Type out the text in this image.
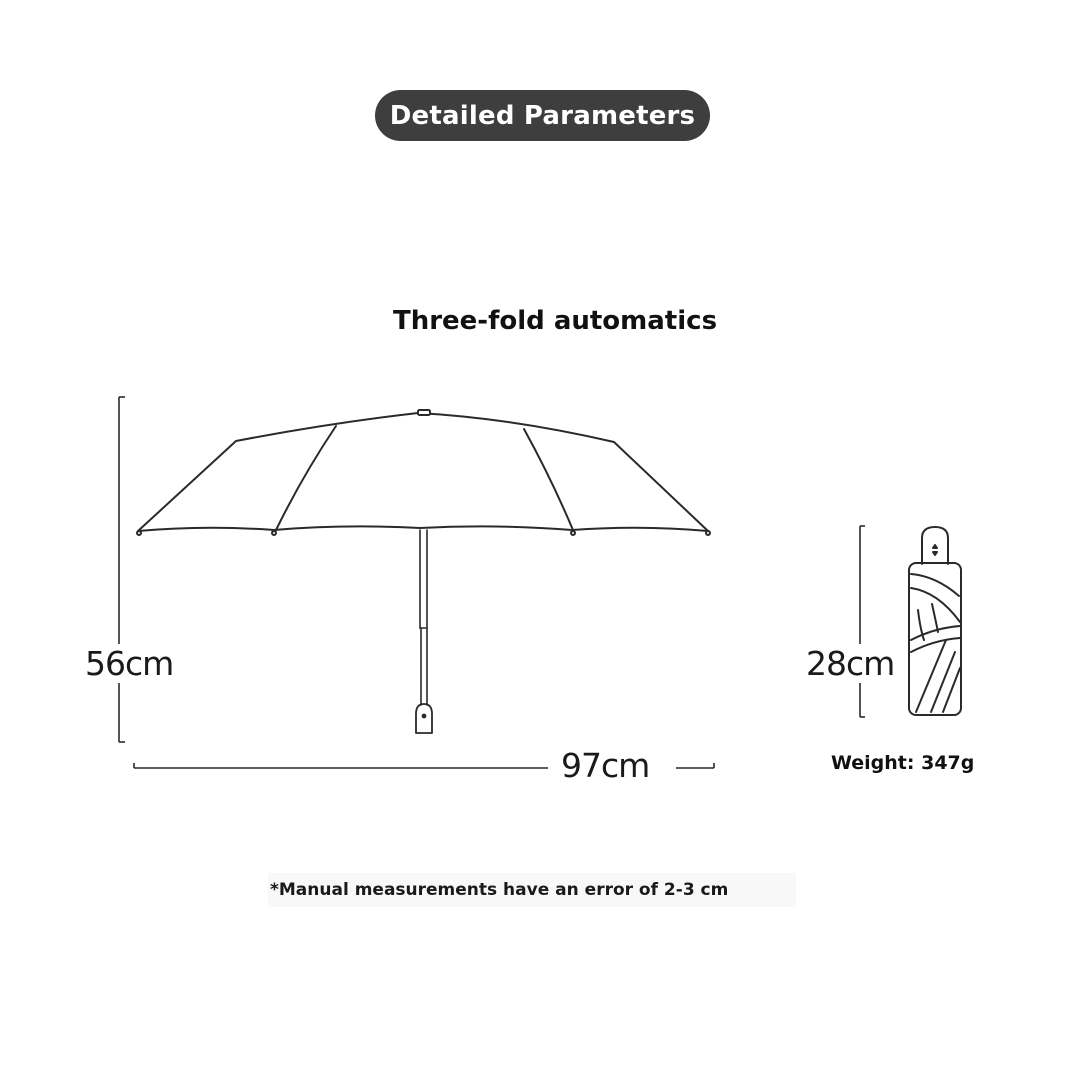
Detailed Parameters
Three-fold automatics
56cm
97cm
28cm
Weight: 347g
*Manual measurements have an error of 2-3 cm
